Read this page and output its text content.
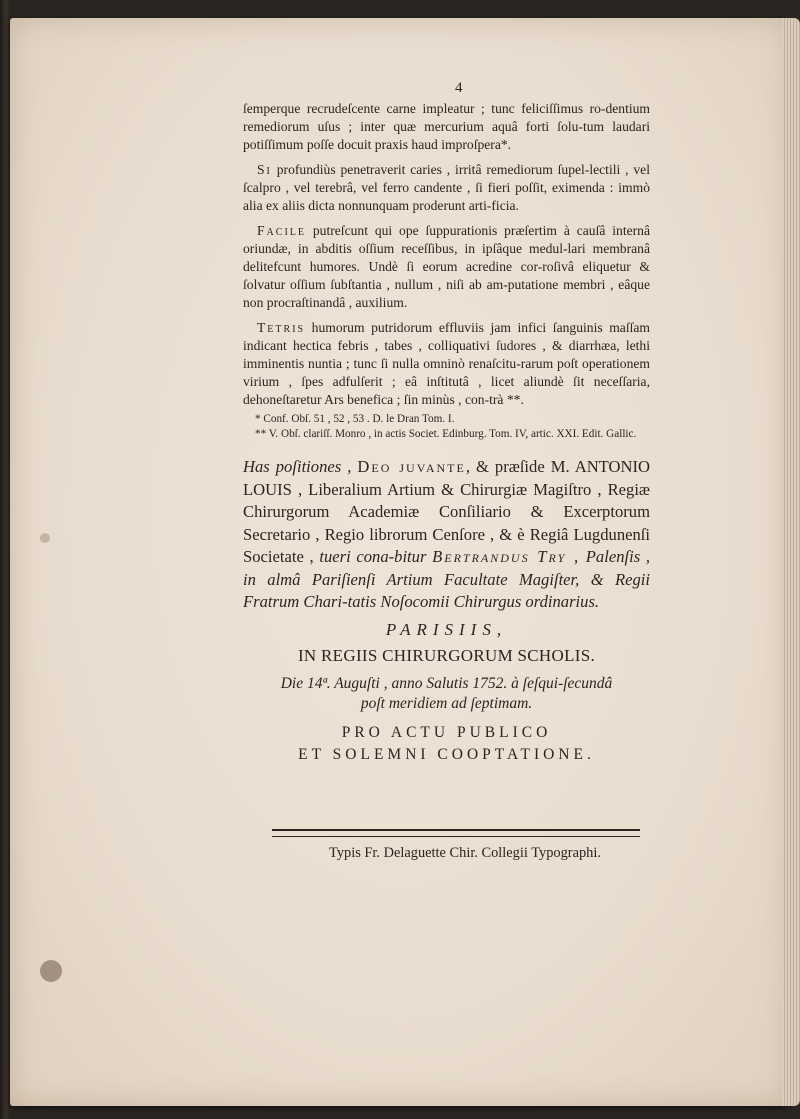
4

ſemperque recrudeſcente carne impleatur ; tunc feliciſſimus ro-dentium remediorum uſus ; inter quæ mercurium aquâ forti ſolu-tum laudari potiſſimum poſſe docuit praxis haud improſpera*.

Si profundiùs penetraverit caries , irritâ remediorum ſupel-lectili , vel ſcalpro , vel terebrâ, vel ferro candente , ſi fieri poſſit, eximenda : immò alia ex aliis dicta nonnunquam proderunt arti-ficia.

Facile putreſcunt qui ope ſuppurationis præſertim à cauſâ internâ oriundæ, in abditis oſſium receſſibus, in ipſâque medul-lari membranâ delitefcunt humores. Undè ſi eorum acredine cor-roſivâ eliquetur & ſolvatur oſſium ſubſtantia , nullum , niſi ab am-putatione membri , eâque non procraſtinandâ , auxilium.

Tetris humorum putridorum effluviis jam infici ſanguinis maſſam indicant hectica febris , tabes , colliquativi ſudores , & diarrhæa, lethi imminentis nuntia ; tunc ſi nulla omninò renaſcitu-rarum poſt operationem virium , ſpes adfulſerit ; eâ inſtitutâ , licet aliundè ſit neceſſaria, dehoneſtaretur Ars benefica ; ſin minùs , con-trà **.

* Conf. Obſ. 51 , 52 , 53 . D. le Dran Tom. I.

** V. Obſ. clariſſ. Monro , in actis Societ. Edinburg. Tom. IV, artic. XXI. Edit. Gallic.

Has poſitiones , Deo juvante, & præſide M. ANTONIO LOUIS , Liberalium Artium & Chirurgiæ Magiſtro , Regiæ Chirurgorum Academiæ Conſiliario & Excerptorum Secretario , Regio librorum Cenſore , & è Regiâ Lugdunenſi Societate , tueri cona-bitur Bertrandus Try , Palenſis , in almâ Pariſienſi Artium Facultate Magiſter, & Regii Fratrum Chari-tatis Noſocomii Chirurgus ordinarius.
PARISIIS,
IN REGIIS CHIRURGORUM SCHOLIS.
Die 14ª. Auguſti , anno Salutis 1752. à ſeſqui-ſecundâ
poſt meridiem ad ſeptimam.
PRO ACTU PUBLICO
ET SOLEMNI COOPTATIONE.
Typis Fr. Delaguette Chir. Collegii Typographi.
